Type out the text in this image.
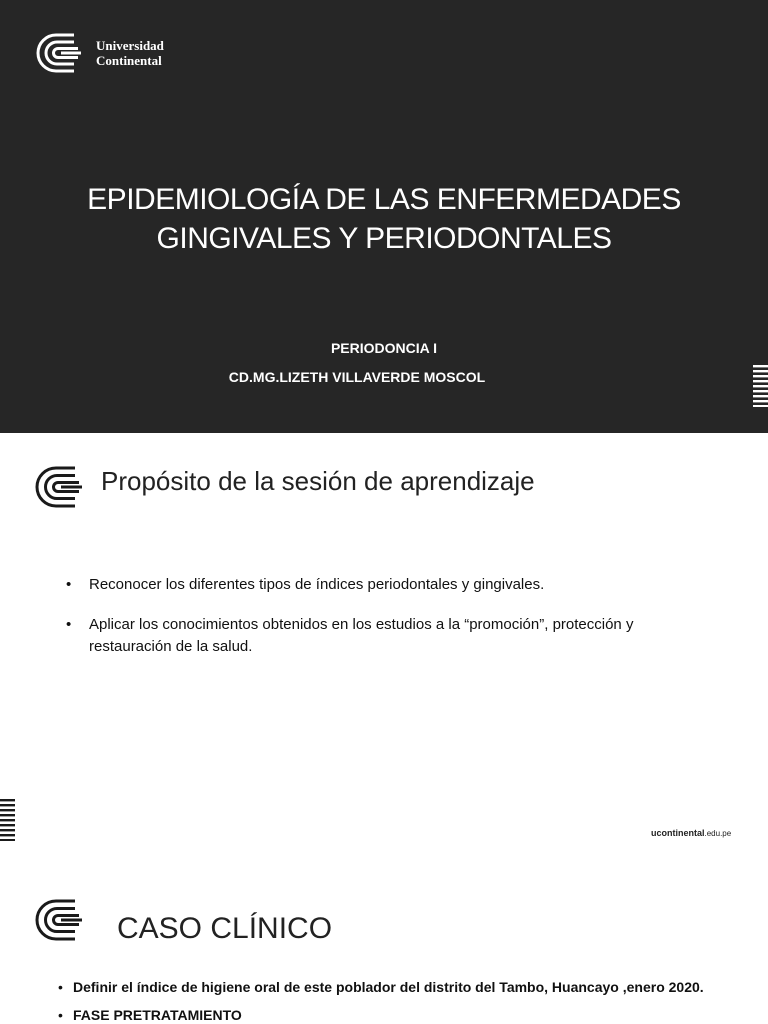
Universidad
Continental
EPIDEMIOLOGÍA DE LAS ENFERMEDADES
GINGIVALES Y PERIODONTALES
PERIODONCIA I
CD.MG.LIZETH VILLAVERDE MOSCOL
Propósito de la sesión de aprendizaje
• Reconocer los diferentes tipos de índices periodontales y gingivales.
• Aplicar los conocimientos obtenidos en los estudios a la “promoción”, protección y restauración de la salud.
ucontinental.edu.pe
CASO CLÍNICO
• Definir el índice de higiene oral de este poblador del distrito del Tambo, Huancayo ,enero 2020.
• FASE PRETRATAMIENTO
